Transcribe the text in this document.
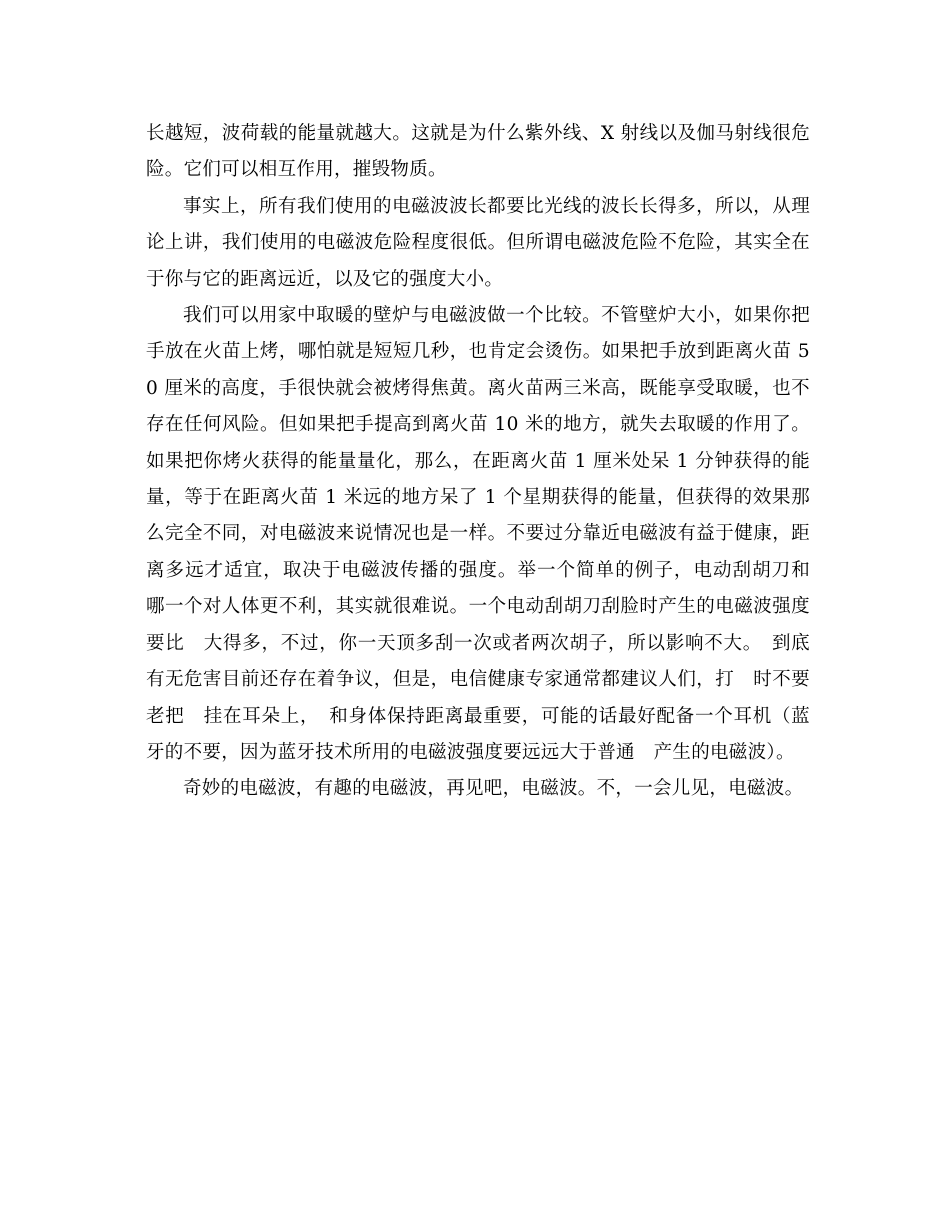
长越短，波荷载的能量就越大。这就是为什么紫外线、X 射线以及伽马射线很危险。它们可以相互作用，摧毁物质。

事实上，所有我们使用的电磁波波长都要比光线的波长长得多，所以，从理论上讲，我们使用的电磁波危险程度很低。但所谓电磁波危险不危险，其实全在于你与它的距离远近，以及它的强度大小。

我们可以用家中取暖的壁炉与电磁波做一个比较。不管壁炉大小，如果你把手放在火苗上烤，哪怕就是短短几秒，也肯定会烫伤。如果把手放到距离火苗 50 厘米的高度，手很快就会被烤得焦黄。离火苗两三米高，既能享受取暖，也不存在任何风险。但如果把手提高到离火苗 10 米的地方，就失去取暖的作用了。如果把你烤火获得的能量量化，那么，在距离火苗 1 厘米处呆 1 分钟获得的能量，等于在距离火苗 1 米远的地方呆了 1 个星期获得的能量，但获得的效果那么完全不同，对电磁波来说情况也是一样。不要过分靠近电磁波有益于健康，距离多远才适宜，取决于电磁波传播的强度。举一个简单的例子，电动刮胡刀和　哪一个对人体更不利，其实就很难说。一个电动刮胡刀刮脸时产生的电磁波强度要比　大得多，不过，你一天顶多刮一次或者两次胡子，所以影响不大。　到底有无危害目前还存在着争议，但是，电信健康专家通常都建议人们，打　时不要老把　挂在耳朵上，　和身体保持距离最重要，可能的话最好配备一个耳机（蓝牙的不要，因为蓝牙技术所用的电磁波强度要远远大于普通　产生的电磁波）。

奇妙的电磁波，有趣的电磁波，再见吧，电磁波。不，一会儿见，电磁波。
